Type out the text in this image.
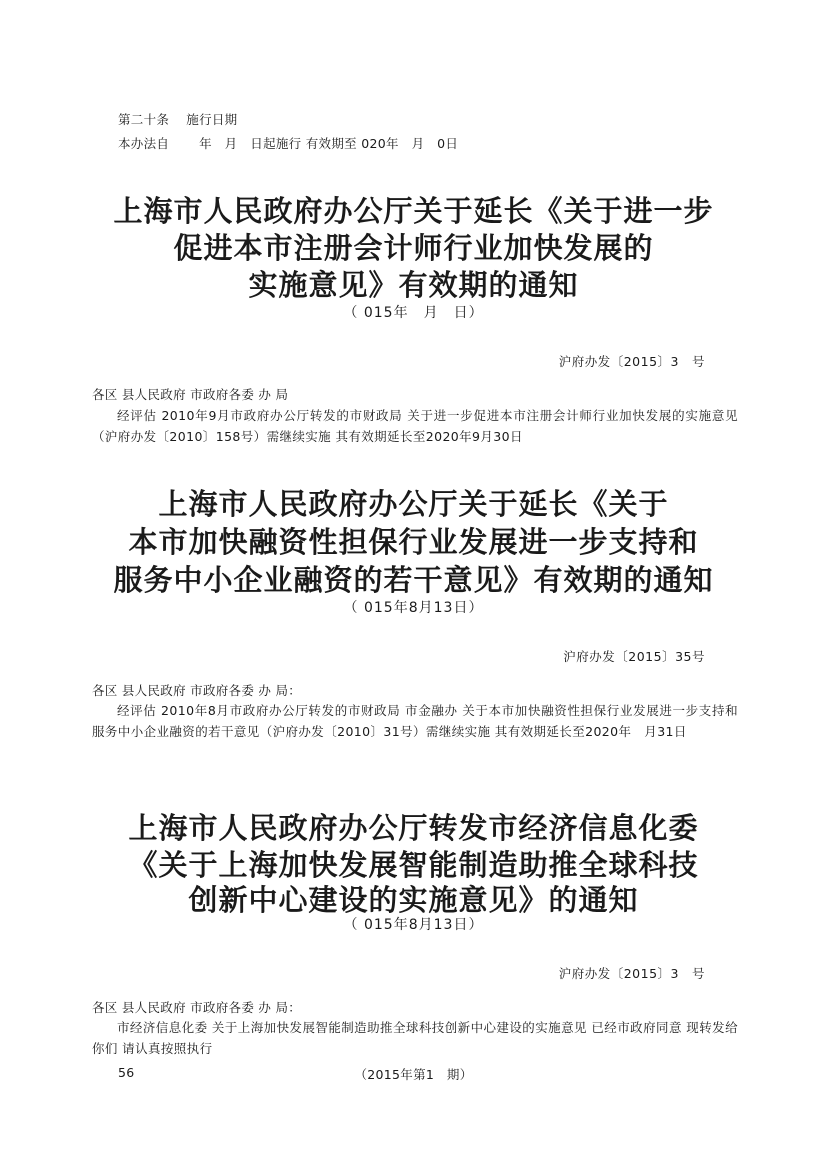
第二十条　 施行日期
本办法自　　 年　月　日起施行 有效期至 020年　月　0日
上海市人民政府办公厅关于延长《关于进一步
促进本市注册会计师行业加快发展的
实施意见》有效期的通知
（ 015年　月　日）
沪府办发〔2015〕3　号
各区 县人民政府 市政府各委 办 局
经评估 2010年9月市政府办公厅转发的市财政局 关于进一步促进本市注册会计师行业加快发展的实施意见（沪府办发〔2010〕158号）需继续实施 其有效期延长至2020年9月30日
上海市人民政府办公厅关于延长《关于
本市加快融资性担保行业发展进一步支持和
服务中小企业融资的若干意见》有效期的通知
（ 015年8月13日）
沪府办发〔2015〕35号
各区 县人民政府 市政府各委 办 局：
经评估 2010年8月市政府办公厅转发的市财政局 市金融办 关于本市加快融资性担保行业发展进一步支持和服务中小企业融资的若干意见（沪府办发〔2010〕31号）需继续实施 其有效期延长至2020年　月31日
上海市人民政府办公厅转发市经济信息化委
《关于上海加快发展智能制造助推全球科技
创新中心建设的实施意见》的通知
（ 015年8月13日）
沪府办发〔2015〕3　号
各区 县人民政府 市政府各委 办 局：
市经济信息化委 关于上海加快发展智能制造助推全球科技创新中心建设的实施意见 已经市政府同意 现转发给你们 请认真按照执行
56	（2015年第1　期）
